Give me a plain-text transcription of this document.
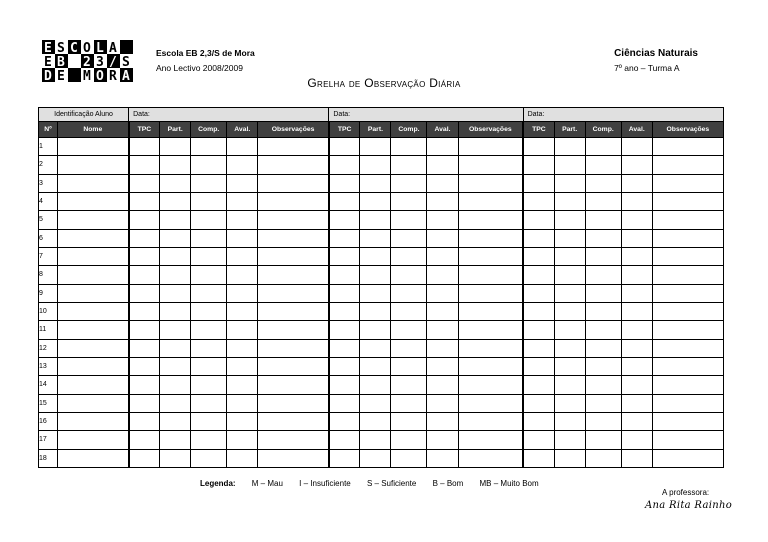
E S C O L A
E B 2 3 / S
D E M O R A
Escola EB 2,3/S de Mora
Ano Lectivo 2008/2009
Ciências Naturais
7º ano – Turma A
Grelha de Observação Diária
Identificação Aluno		Data:					Data:					Data:				
Nº	Nome	TPC	Part.	Comp.	Aval.	Observações	TPC	Part.	Comp.	Aval.	Observações	TPC	Part.	Comp.	Aval.	Observações
1																
2																
3																
4																
5																
6																
7																
8																
9																
10																
11																
12																
13																
14																
15																
16																
17																
18																
Legenda: M – Mau I – Insuficiente S – Suficiente B – Bom MB – Muito Bom
A professora:
Ana Rita Rainho
